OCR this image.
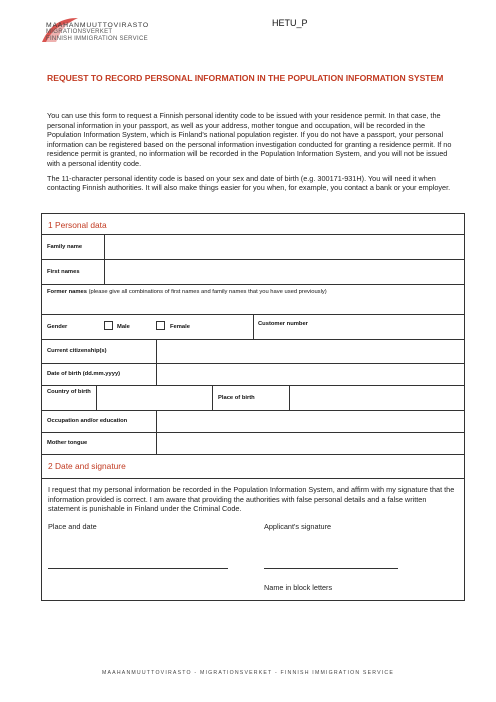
MAAHANMUUTTOVIRASTO
MIGRATIONSVERKET
FINNISH IMMIGRATION SERVICE
HETU_P
REQUEST TO RECORD PERSONAL INFORMATION IN THE POPULATION INFORMATION SYSTEM

You can use this form to request a Finnish personal identity code to be issued with your residence permit. In that case, the personal information in your passport, as well as your address, mother tongue and occupation, will be recorded in the Population Information System, which is Finland's national population register. If you do not have a passport, your personal information can be registered based on the personal information investigation conducted for granting a residence permit. If no residence permit is granted, no information will be recorded in the Population Information System, and you will not be issued with a personal identity code.

The 11-character personal identity code is based on your sex and date of birth (e.g. 300171-931H). You will need it when contacting Finnish authorities. It will also make things easier for you when, for example, you contact a bank or your employer.

1 Personal data
Family name
First names
Former names (please give all combinations of first names and family names that you have used previously)
Gender	Male	Female	Customer number
Current citizenship(s)
Date of birth (dd.mm.yyyy)
Country of birth
Place of birth
Occupation and/or education
Mother tongue
2 Date and signature
I request that my personal information be recorded in the Population Information System, and affirm with my signature that the information provided is correct. I am aware that providing the authorities with false personal details and a false written statement is punishable in Finland under the Criminal Code.
Place and date	Applicant's signature
Name in block letters
MAAHANMUUTTOVIRASTO - MIGRATIONSVERKET - FINNISH IMMIGRATION SERVICE
